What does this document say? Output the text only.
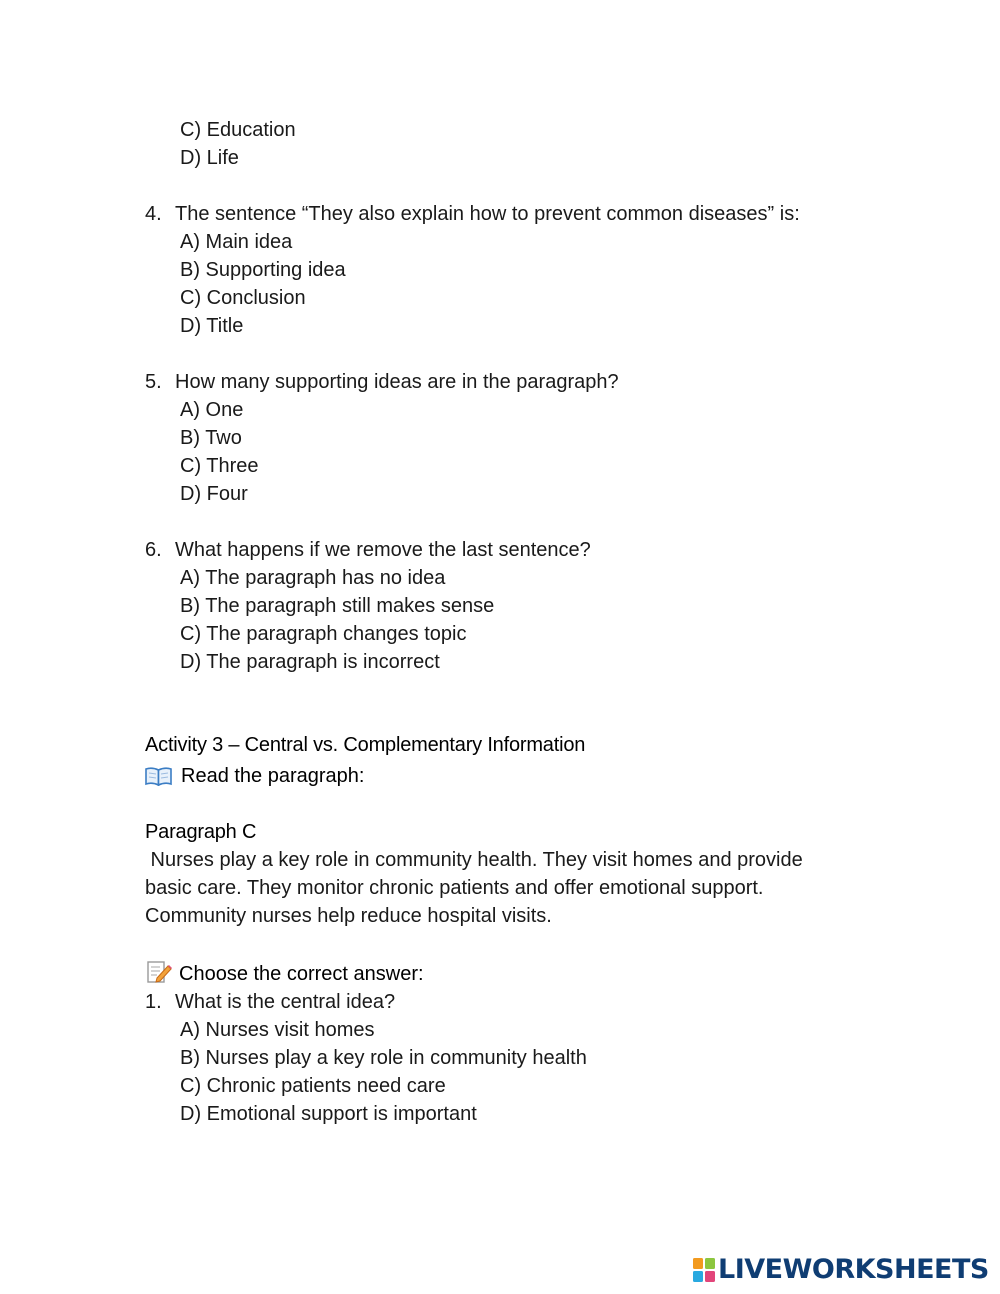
C) Education
D) Life
4. The sentence “They also explain how to prevent common diseases” is:
A) Main idea
B) Supporting idea
C) Conclusion
D) Title
5. How many supporting ideas are in the paragraph?
A) One
B) Two
C) Three
D) Four
6. What happens if we remove the last sentence?
A) The paragraph has no idea
B) The paragraph still makes sense
C) The paragraph changes topic
D) The paragraph is incorrect
Activity 3 – Central vs. Complementary Information
Read the paragraph:
Paragraph C
Nurses play a key role in community health. They visit homes and provide
basic care. They monitor chronic patients and offer emotional support.
Community nurses help reduce hospital visits.
Choose the correct answer:
1. What is the central idea?
A) Nurses visit homes
B) Nurses play a key role in community health
C) Chronic patients need care
D) Emotional support is important
LIVEWORKSHEETS
